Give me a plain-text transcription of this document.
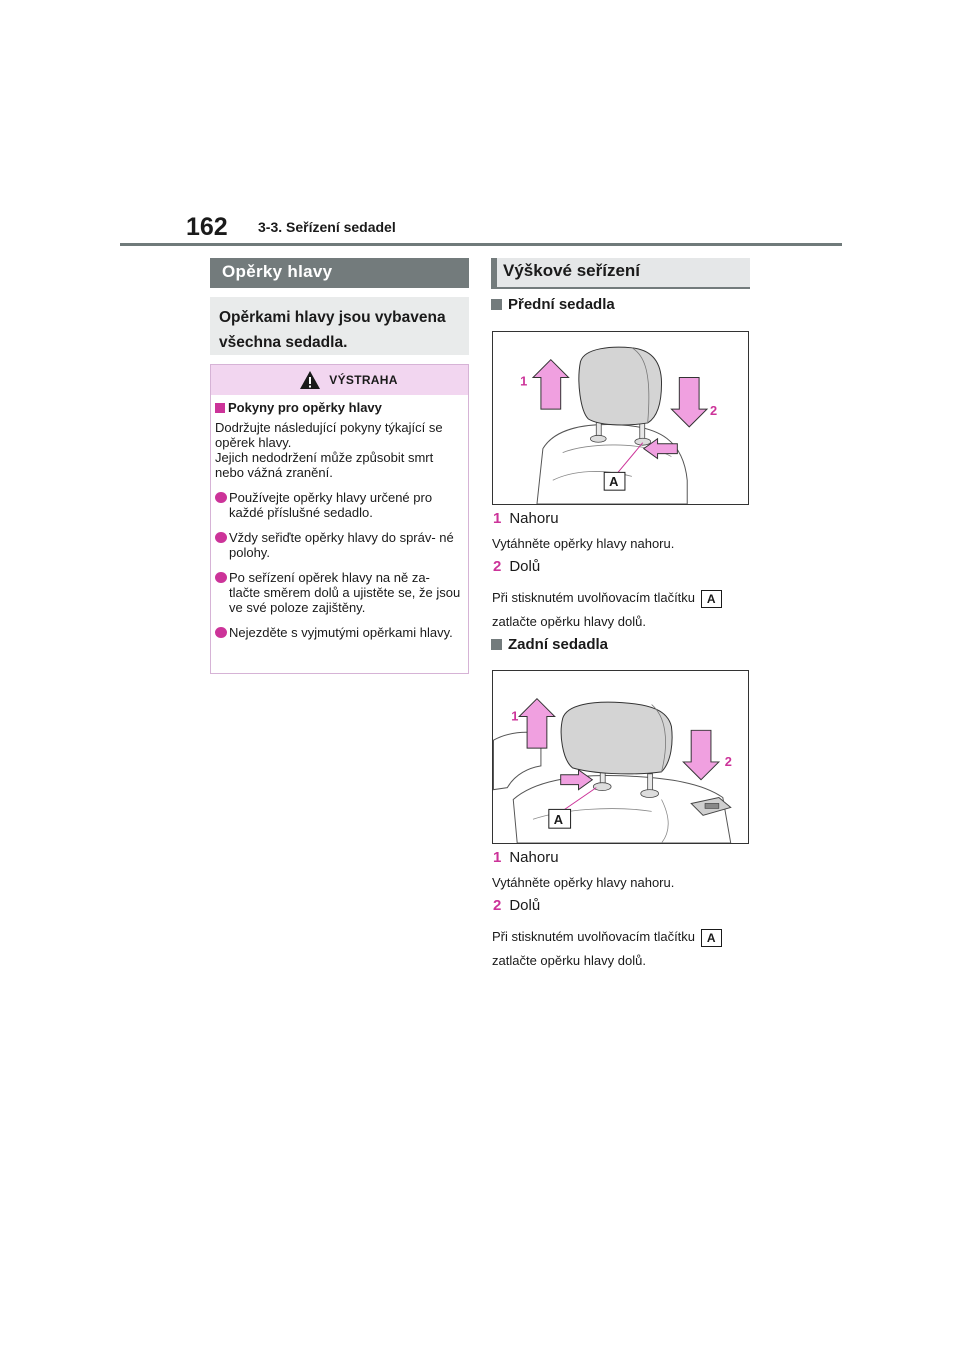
162 3-3. Seřízení sedadel
Opěrky hlavy
Opěrkami hlavy jsou vybavena všechna sedadla.
VÝSTRAHA
Pokyny pro opěrky hlavy
Dodržujte následující pokyny týkající se opěrek hlavy.
Jejich nedodržení může způsobit smrt nebo vážná zranění.
Používejte opěrky hlavy určené pro každé příslušné sedadlo.
Vždy seřiďte opěrky hlavy do správ- né polohy.
Po seřízení opěrek hlavy na ně za- tlačte směrem dolů a ujistěte se, že jsou ve své poloze zajištěny.
Nejezděte s vyjmutými opěrkami hlavy.
Výškové seřízení
Přední sedadla
1
2
A
1 Nahoru
Vytáhněte opěrky hlavy nahoru.
2 Dolů
Při stisknutém uvolňovacím tlačítku A
zatlačte opěrku hlavy dolů.
Zadní sedadla
1
2
A
1 Nahoru
Vytáhněte opěrky hlavy nahoru.
2 Dolů
Při stisknutém uvolňovacím tlačítku A
zatlačte opěrku hlavy dolů.
